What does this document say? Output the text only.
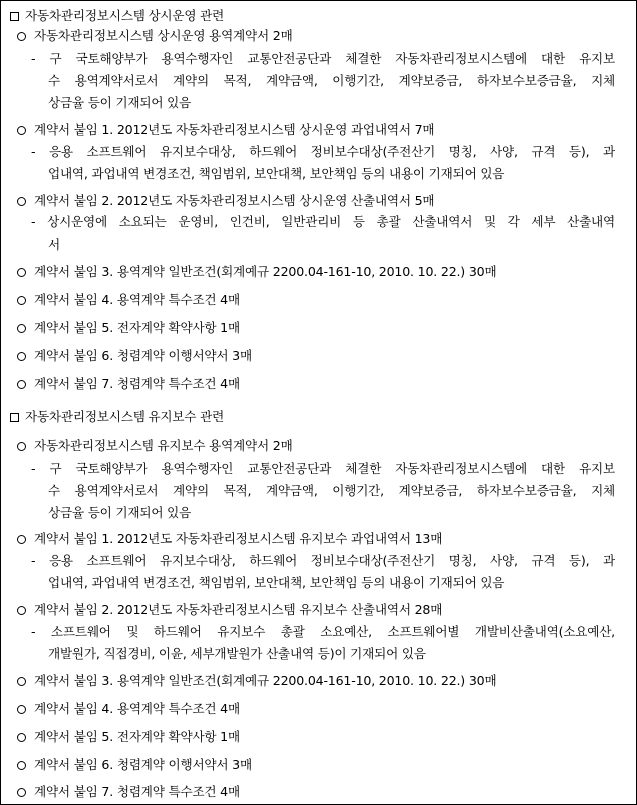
자동차관리정보시스템 상시운영 관련
자동차관리정보시스템 상시운영 용역계약서 2매
- 구 국토해양부가 용역수행자인 교통안전공단과 체결한 자동차관리정보시스템에 대한 유지보
수 용역계약서로서 계약의 목적, 계약금액, 이행기간, 계약보증금, 하자보수보증금율, 지체
상금율 등이 기재되어 있음
계약서 붙임 1. 2012년도 자동차관리정보시스템 상시운영 과업내역서 7매
- 응용 소프트웨어 유지보수대상, 하드웨어 정비보수대상(주전산기 명칭, 사양, 규격 등), 과
업내역, 과업내역 변경조건, 책임범위, 보안대책, 보안책임 등의 내용이 기재되어 있음
계약서 붙임 2. 2012년도 자동차관리정보시스템 상시운영 산출내역서 5매
- 상시운영에 소요되는 운영비, 인건비, 일반관리비 등 총괄 산출내역서 및 각 세부 산출내역
서
계약서 붙임 3. 용역계약 일반조건(회계예규 2200.04-161-10, 2010. 10. 22.) 30매
계약서 붙임 4. 용역계약 특수조건 4매
계약서 붙임 5. 전자계약 확약사항 1매
계약서 붙임 6. 청렴계약 이행서약서 3매
계약서 붙임 7. 청렴계약 특수조건 4매
자동차관리정보시스템 유지보수 관련
자동차관리정보시스템 유지보수 용역계약서 2매
- 구 국토해양부가 용역수행자인 교통안전공단과 체결한 자동차관리정보시스템에 대한 유지보
수 용역계약서로서 계약의 목적, 계약금액, 이행기간, 계약보증금, 하자보수보증금율, 지체
상금율 등이 기재되어 있음
계약서 붙임 1. 2012년도 자동차관리정보시스템 유지보수 과업내역서 13매
- 응용 소프트웨어 유지보수대상, 하드웨어 정비보수대상(주전산기 명칭, 사양, 규격 등), 과
업내역, 과업내역 변경조건, 책임범위, 보안대책, 보안책임 등의 내용이 기재되어 있음
계약서 붙임 2. 2012년도 자동차관리정보시스템 유지보수 산출내역서 28매
- 소프트웨어 및 하드웨어 유지보수 총괄 소요예산, 소프트웨어별 개발비산출내역(소요예산,
개발원가, 직접경비, 이윤, 세부개발원가 산출내역 등)이 기재되어 있음
계약서 붙임 3. 용역계약 일반조건(회계예규 2200.04-161-10, 2010. 10. 22.) 30매
계약서 붙임 4. 용역계약 특수조건 4매
계약서 붙임 5. 전자계약 확약사항 1매
계약서 붙임 6. 청렴계약 이행서약서 3매
계약서 붙임 7. 청렴계약 특수조건 4매
